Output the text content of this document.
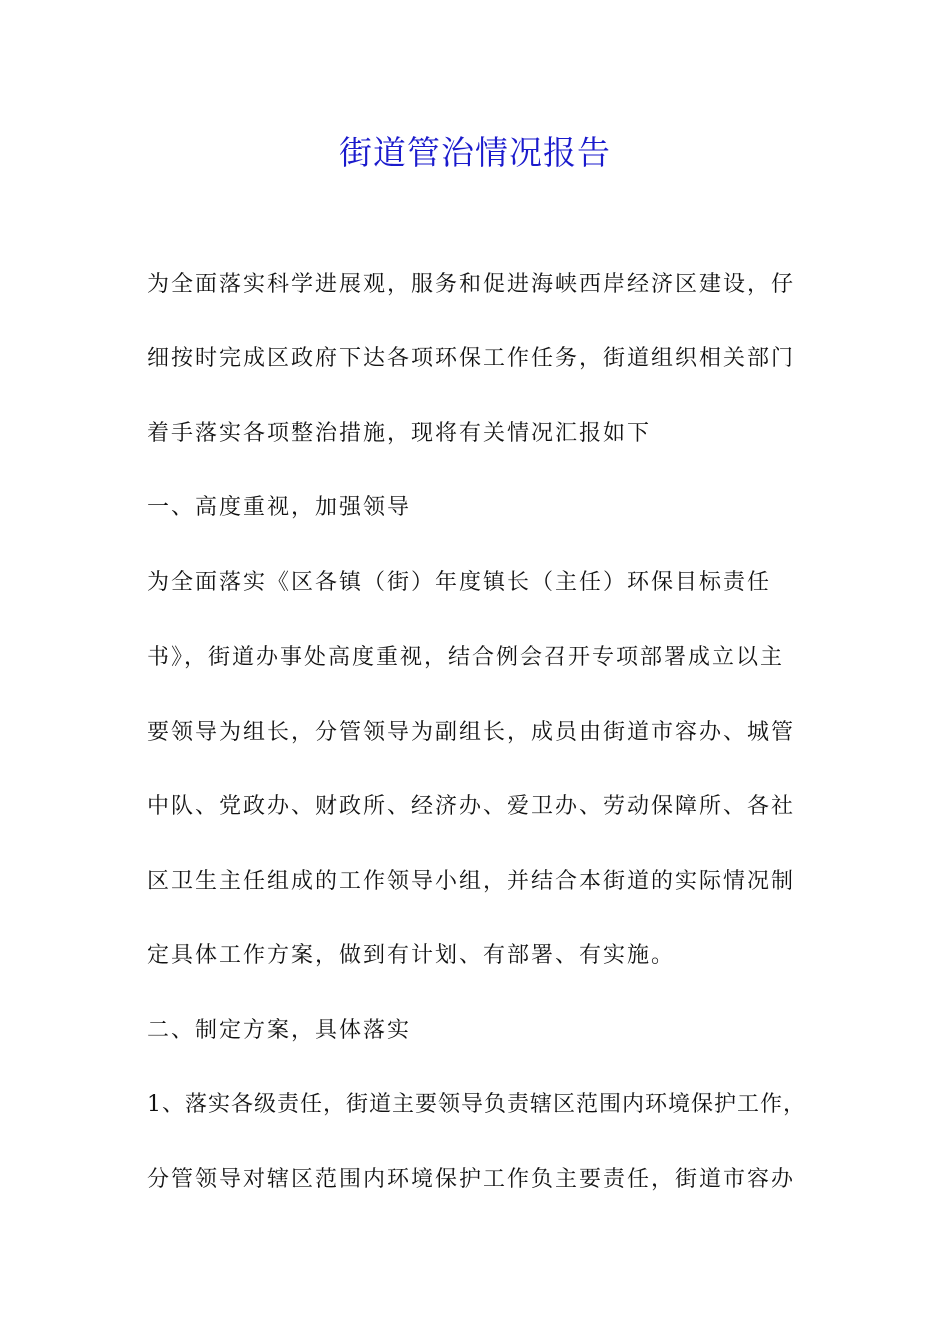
街道管治情况报告
为全面落实科学进展观，服务和促进海峡西岸经济区建设，仔
细按时完成区政府下达各项环保工作任务，街道组织相关部门
着手落实各项整治措施，现将有关情况汇报如下
一、高度重视，加强领导
为全面落实《区各镇（街）年度镇长（主任）环保目标责任
书》，街道办事处高度重视，结合例会召开专项部署成立以主
要领导为组长，分管领导为副组长，成员由街道市容办、城管
中队、党政办、财政所、经济办、爱卫办、劳动保障所、各社
区卫生主任组成的工作领导小组，并结合本街道的实际情况制
定具体工作方案，做到有计划、有部署、有实施。
二、制定方案，具体落实
1、落实各级责任，街道主要领导负责辖区范围内环境保护工作，
分管领导对辖区范围内环境保护工作负主要责任，街道市容办
